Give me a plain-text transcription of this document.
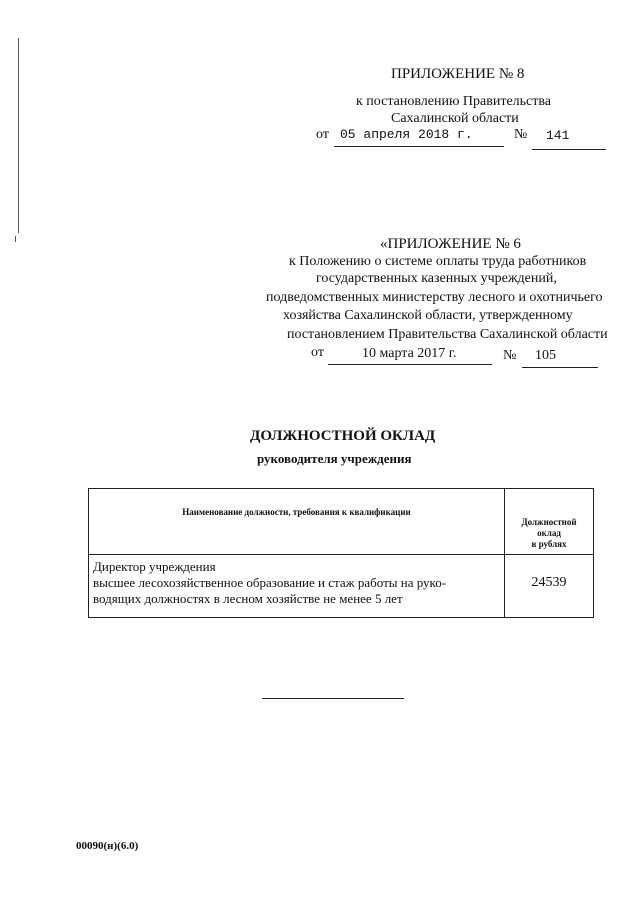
ПРИЛОЖЕНИЕ № 8
к постановлению Правительства
Сахалинской области
от 05 апреля 2018 г.	№ 141
«ПРИЛОЖЕНИЕ № 6
к Положению о системе оплаты труда работников
государственных казенных учреждений,
подведомственных министерству лесного и охотничьего
хозяйства Сахалинской области, утвержденному
постановлением Правительства Сахалинской области
от	10 марта 2017 г.	№ 105
ДОЛЖНОСТНОЙ ОКЛАД
руководителя учреждения
Наименование должности, требования к квалификации	Должностной
оклад
в рублях

Директор учреждения
высшее лесохозяйственное образование и стаж работы на руко-
водящих должностях в лесном хозяйстве не менее 5 лет	24539
00090(н)(6.0)
